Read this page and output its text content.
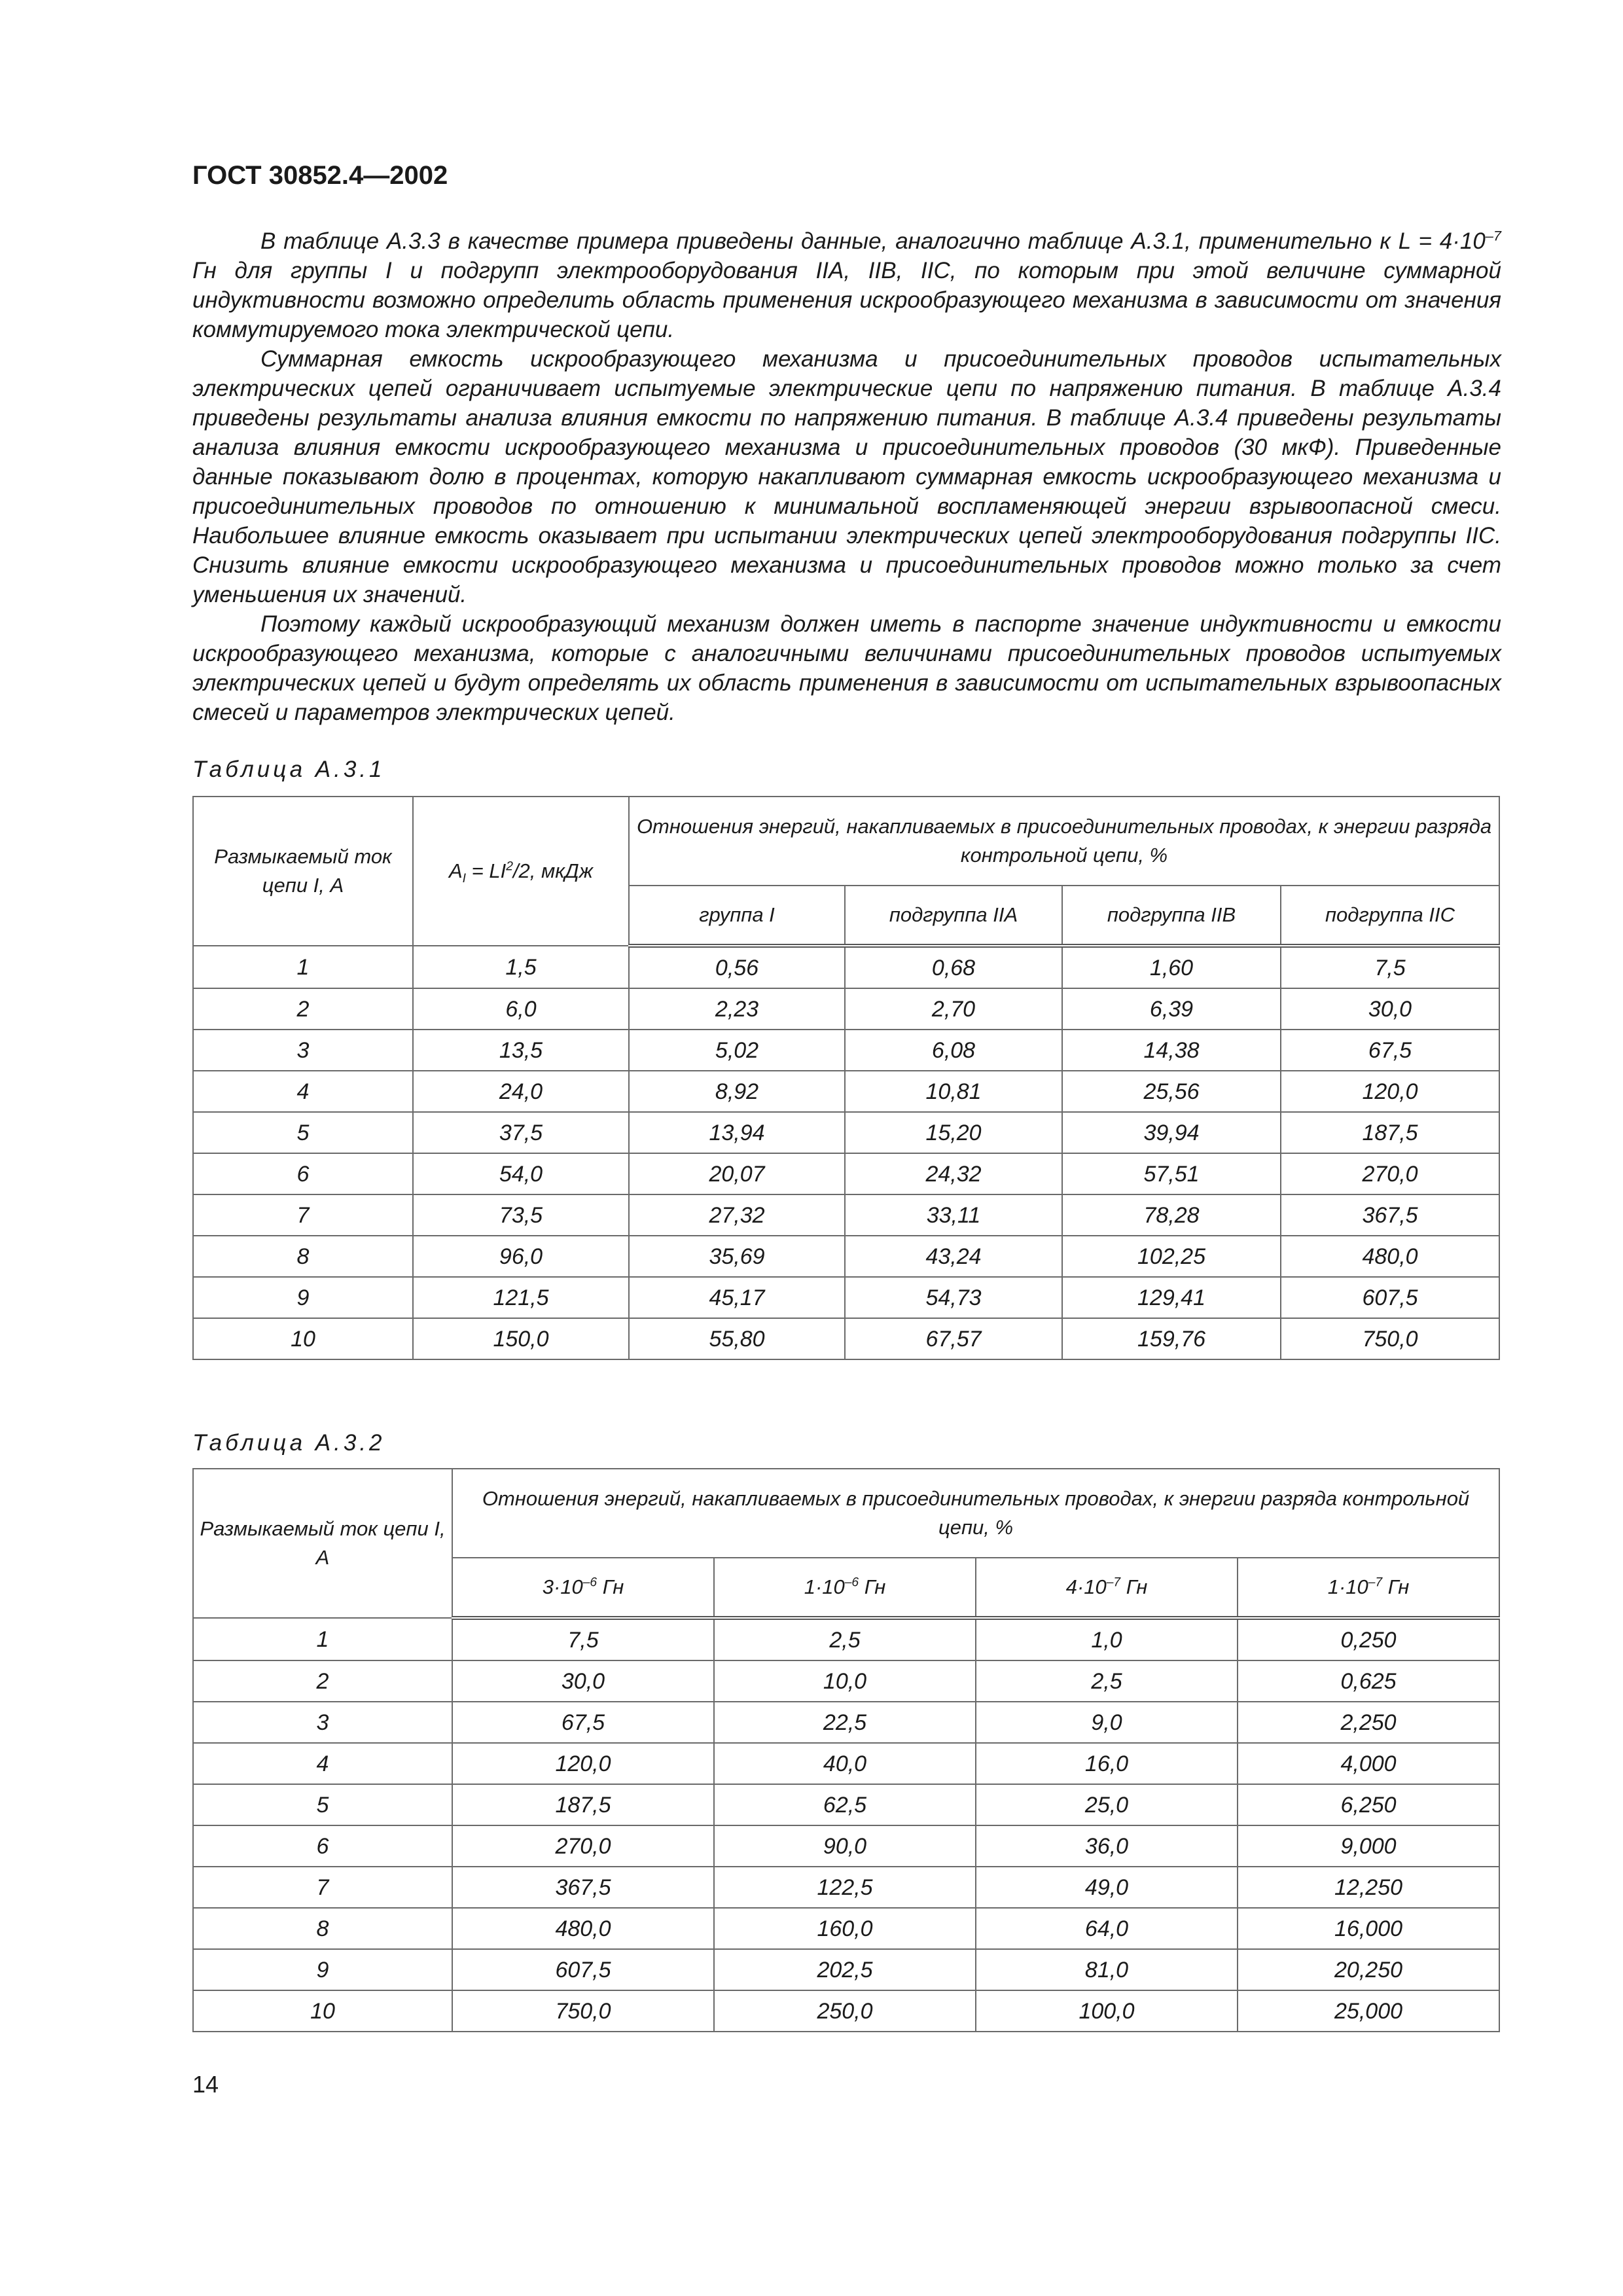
ГОСТ 30852.4—2002

В таблице А.3.3 в качестве примера приведены данные, аналогично таблице А.3.1, применительно к $L = 4\cdot 10^{-7}$ Гн для группы I и подгрупп электрооборудования IIA, IIB, IIC, по которым при этой величине суммарной индуктивности возможно определить область применения искрообразующего механизма в зависимости от значения коммутируемого тока электрической цепи.

Суммарная емкость искрообразующего механизма и присоединительных проводов испытательных электрических цепей ограничивает испытуемые электрические цепи по напряжению питания. В таблице А.3.4 приведены результаты анализа влияния емкости по напряжению питания. В таблице А.3.4 приведены результаты анализа влияния емкости искрообразующего механизма и присоединительных проводов (30 мкФ). Приведенные данные показывают долю в процентах, которую накапливают суммарная емкость искрообразующего механизма и присоединительных проводов по отношению к минимальной воспламеняющей энергии взрывоопасной смеси. Наибольшее влияние емкость оказывает при испытании электрических цепей электрооборудования подгруппы IIC. Снизить влияние емкости искрообразующего механизма и присоединительных проводов можно только за счет уменьшения их значений.

Поэтому каждый искрообразующий механизм должен иметь в паспорте значение индуктивности и емкости искрообразующего механизма, которые с аналогичными величинами присоединительных проводов испытуемых электрических цепей и будут определять их область применения в зависимости от испытательных взрывоопасных смесей и параметров электрических цепей.

Таблица А.3.1
Размыкаемый ток цепи I, А	$A_I = LI^2/2$, мкДж	Отношения энергий, накапливаемых в присоединительных проводах, к энергии разряда контрольной цепи, %			
		группа I	подгруппа IIA	подгруппа IIB	подгруппа IIC
1	1,5	0,56	0,68	1,60	7,5
2	6,0	2,23	2,70	6,39	30,0
3	13,5	5,02	6,08	14,38	67,5
4	24,0	8,92	10,81	25,56	120,0
5	37,5	13,94	15,20	39,94	187,5
6	54,0	20,07	24,32	57,51	270,0
7	73,5	27,32	33,11	78,28	367,5
8	96,0	35,69	43,24	102,25	480,0
9	121,5	45,17	54,73	129,41	607,5
10	150,0	55,80	67,57	159,76	750,0
Таблица А.3.2
Размыкаемый ток цепи I, А	Отношения энергий, накапливаемых в присоединительных проводах, к энергии разряда контрольной цепи, %			
	$3\cdot 10^{-6}$ Гн	$1\cdot 10^{-6}$ Гн	$4\cdot 10^{-7}$ Гн	$1\cdot 10^{-7}$ Гн
1	7,5	2,5	1,0	0,250
2	30,0	10,0	2,5	0,625
3	67,5	22,5	9,0	2,250
4	120,0	40,0	16,0	4,000
5	187,5	62,5	25,0	6,250
6	270,0	90,0	36,0	9,000
7	367,5	122,5	49,0	12,250
8	480,0	160,0	64,0	16,000
9	607,5	202,5	81,0	20,250
10	750,0	250,0	100,0	25,000
14
